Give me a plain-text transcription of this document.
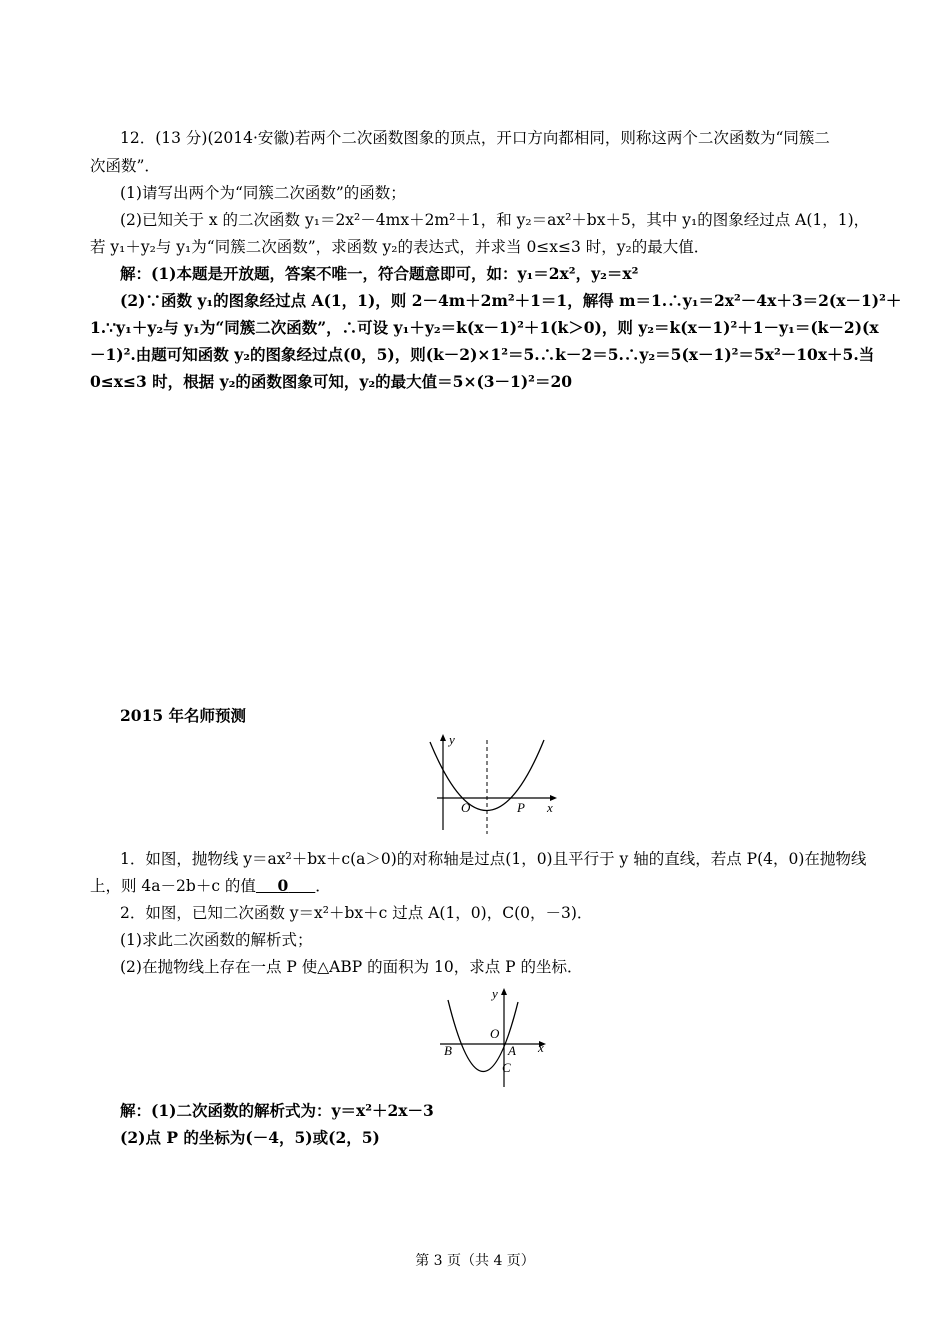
12．(13 分)(2014·安徽)若两个二次函数图象的顶点，开口方向都相同，则称这两个二次函数为“同簇二
次函数”．
(1)请写出两个为“同簇二次函数”的函数；
(2)已知关于 x 的二次函数 y₁＝2x²－4mx＋2m²＋1，和 y₂＝ax²＋bx＋5，其中 y₁的图象经过点 A(1，1)，
若 y₁＋y₂与 y₁为“同簇二次函数”，求函数 y₂的表达式，并求当 0≤x≤3 时，y₂的最大值．
解：(1)本题是开放题，答案不唯一，符合题意即可，如：y₁＝2x²，y₂＝x²
(2)∵函数 y₁的图象经过点 A(1，1)，则 2－4m＋2m²＋1＝1，解得 m＝1.∴y₁＝2x²－4x＋3＝2(x－1)²＋
1.∵y₁＋y₂与 y₁为“同簇二次函数”，∴可设 y₁＋y₂＝k(x－1)²＋1(k＞0)，则 y₂＝k(x－1)²＋1－y₁＝(k－2)(x
－1)².由题可知函数 y₂的图象经过点(0，5)，则(k－2)×1²＝5.∴k－2＝5.∴y₂＝5(x－1)²＝5x²－10x＋5.当
0≤x≤3 时，根据 y₂的函数图象可知，y₂的最大值＝5×(3－1)²＝20
2015 年名师预测
y
x
O	P
1．如图，抛物线 y＝ax²＋bx＋c(a＞0)的对称轴是过点(1，0)且平行于 y 轴的直线，若点 P(4，0)在抛物线
上，则 4a－2b＋c 的值 0 ．
2．如图，已知二次函数 y＝x²＋bx＋c 过点 A(1，0)，C(0，－3)．
(1)求此二次函数的解析式；
(2)在抛物线上存在一点 P 使△ABP 的面积为 10，求点 P 的坐标．
y
x
O
A
B
C
解：(1)二次函数的解析式为：y＝x²＋2x－3
(2)点 P 的坐标为(－4，5)或(2，5)
第 3 页（共 4 页）
